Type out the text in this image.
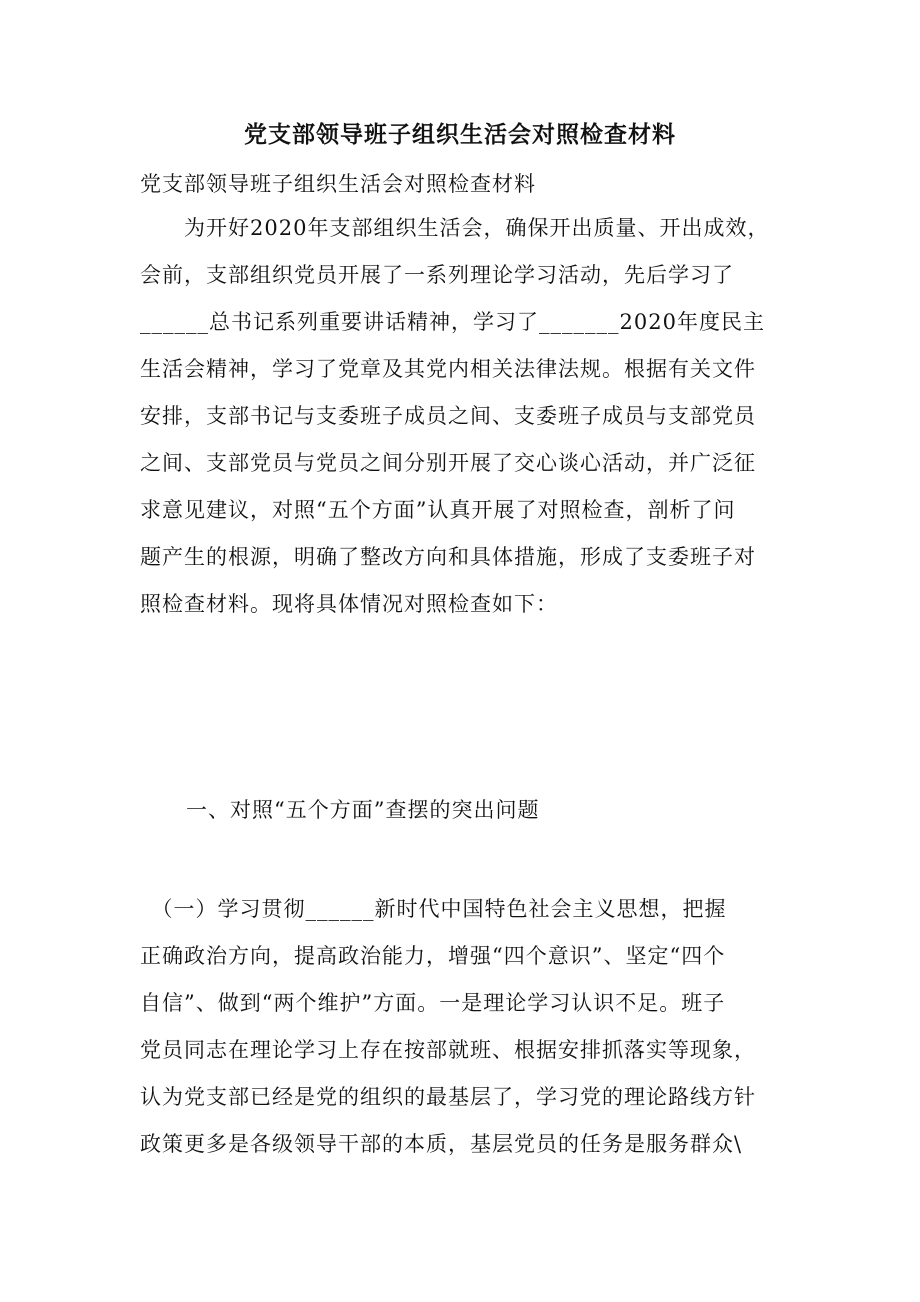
党支部领导班子组织生活会对照检查材料
党支部领导班子组织生活会对照检查材料
　　为开好2020年支部组织生活会，确保开出质量、开出成效，
会前，支部组织党员开展了一系列理论学习活动，先后学习了
______总书记系列重要讲话精神，学习了_______2020年度民主
生活会精神，学习了党章及其党内相关法律法规。根据有关文件
安排，支部书记与支委班子成员之间、支委班子成员与支部党员
之间、支部党员与党员之间分别开展了交心谈心活动，并广泛征
求意见建议，对照“五个方面”认真开展了对照检查，剖析了问
题产生的根源，明确了整改方向和具体措施，形成了支委班子对
照检查材料。现将具体情况对照检查如下：
一、对照“五个方面”查摆的突出问题
　（一）学习贯彻______新时代中国特色社会主义思想，把握
正确政治方向，提高政治能力，增强“四个意识”、坚定“四个
自信”、做到“两个维护”方面。一是理论学习认识不足。班子
党员同志在理论学习上存在按部就班、根据安排抓落实等现象，
认为党支部已经是党的组织的最基层了，学习党的理论路线方针
政策更多是各级领导干部的本质，基层党员的任务是服务群众\
